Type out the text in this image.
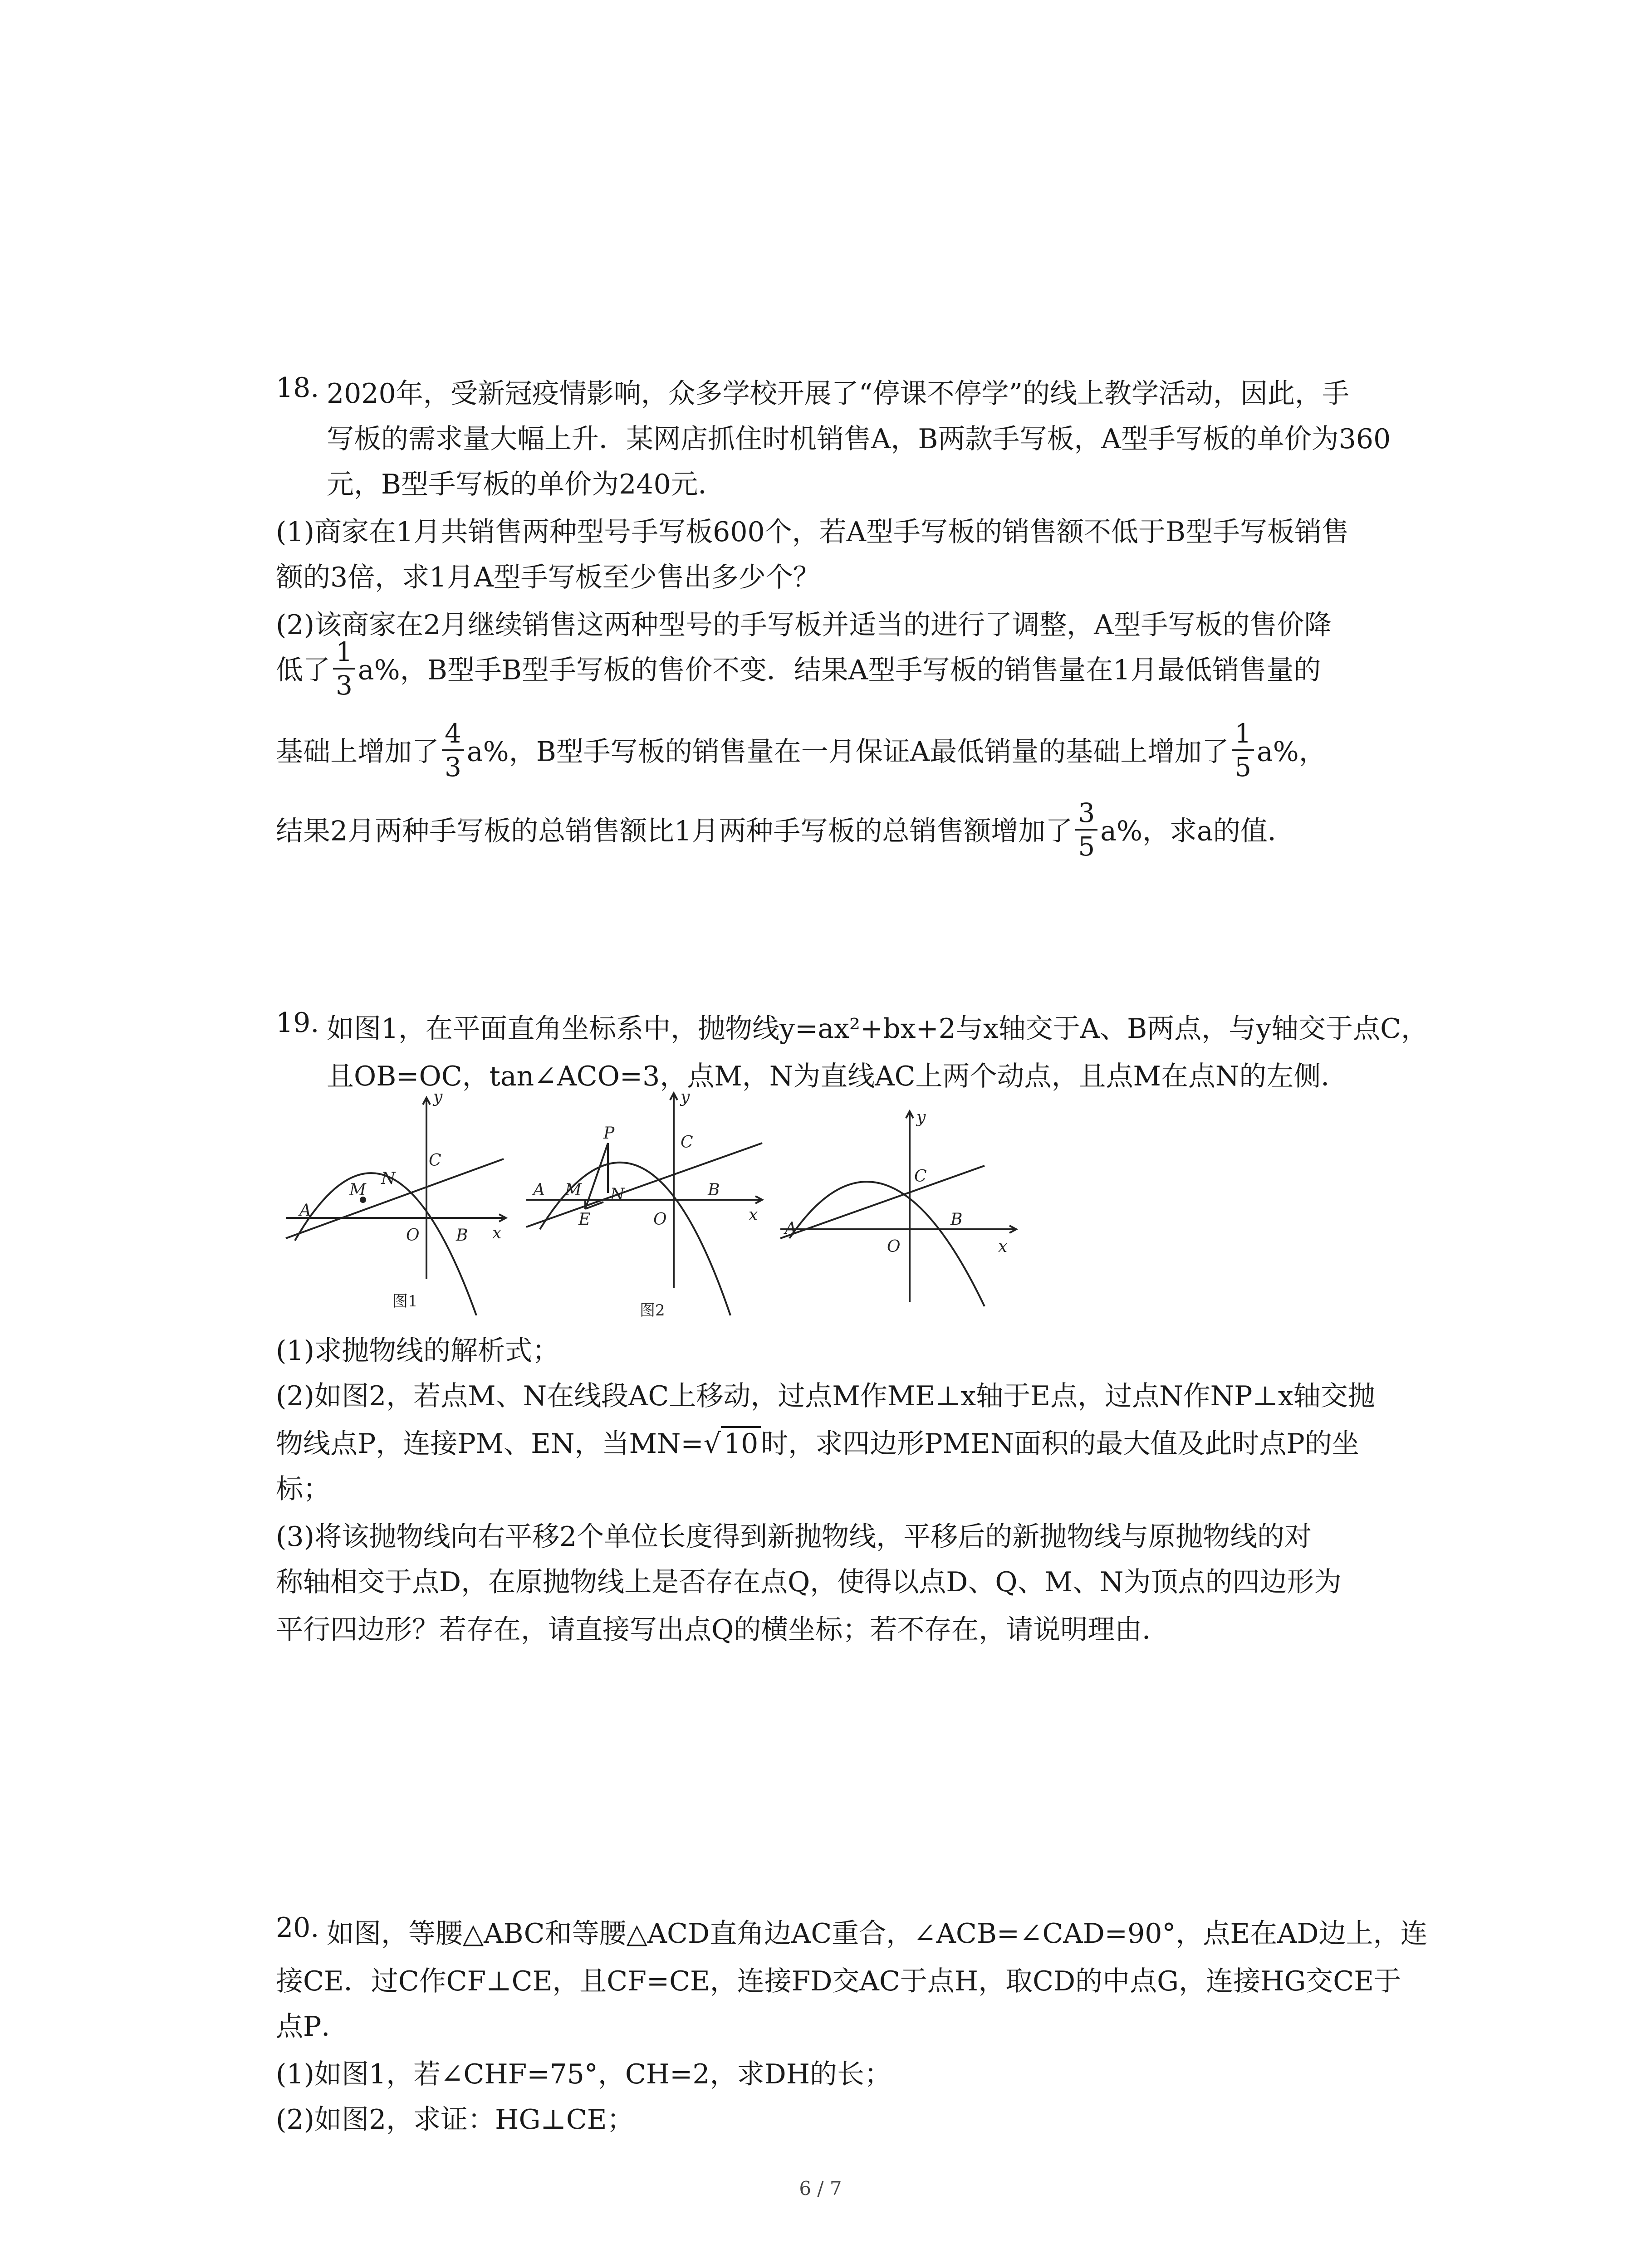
18. 2020年，受新冠疫情影响，众多学校开展了“停课不停学”的线上教学活动，因此，手
写板的需求量大幅上升．某网店抓住时机销售A，B两款手写板，A型手写板的单价为360
元，B型手写板的单价为240元．
(1)商家在1月共销售两种型号手写板600个，若A型手写板的销售额不低于B型手写板销售
额的3倍，求1月A型手写板至少售出多少个？
(2)该商家在2月继续销售这两种型号的手写板并适当的进行了调整，A型手写板的售价降
低了 $\frac{1}{3} a\%$，B型手B型手写板的售价不变．结果A型手写板的销售量在1月最低销售量的
基础上增加了 $\frac{4}{3} a\%$，B型手写板的销售量在一月保证A最低销量的基础上增加了 $\frac{1}{5} a\%$，
结果2月两种手写板的总销售额比1月两种手写板的总销售额增加了 $\frac{3}{5} a\%$，求a的值．
19. 如图1，在平面直角坐标系中，抛物线y=ax²+bx+2与x轴交于A、B两点，与y轴交于点C，
且OB=OC，tan∠ACO=3，点M，N为直线AC上两个动点，且点M在点N的左侧．
y
x
O
A
B
C
M
N
图1
y
x
O
A	B
C
M N
P
E
图2
y
x
O
A	B
C
(1)求抛物线的解析式；
(2)如图2，若点M、N在线段AC上移动，过点M作ME⊥x轴于E点，过点N作NP⊥x轴交抛
物线点P，连接PM、EN，当MN=√ 10 时，求四边形PMEN面积的最大值及此时点P的坐
标；
(3)将该抛物线向右平移2个单位长度得到新抛物线，平移后的新抛物线与原抛物线的对
称轴相交于点D，在原抛物线上是否存在点Q，使得以点D、Q、M、N为顶点的四边形为
平行四边形？若存在，请直接写出点Q的横坐标；若不存在，请说明理由．
20. 如图，等腰△ABC和等腰△ACD直角边AC重合，∠ACB=∠CAD=90°，点E在AD边上，连
接CE．过C作CF⊥CE，且CF=CE，连接FD交AC于点H，取CD的中点G，连接HG交CE于
点P．
(1)如图1，若∠CHF=75°，CH=2，求DH的长；
(2)如图2，求证：HG⊥CE；
6 / 7
